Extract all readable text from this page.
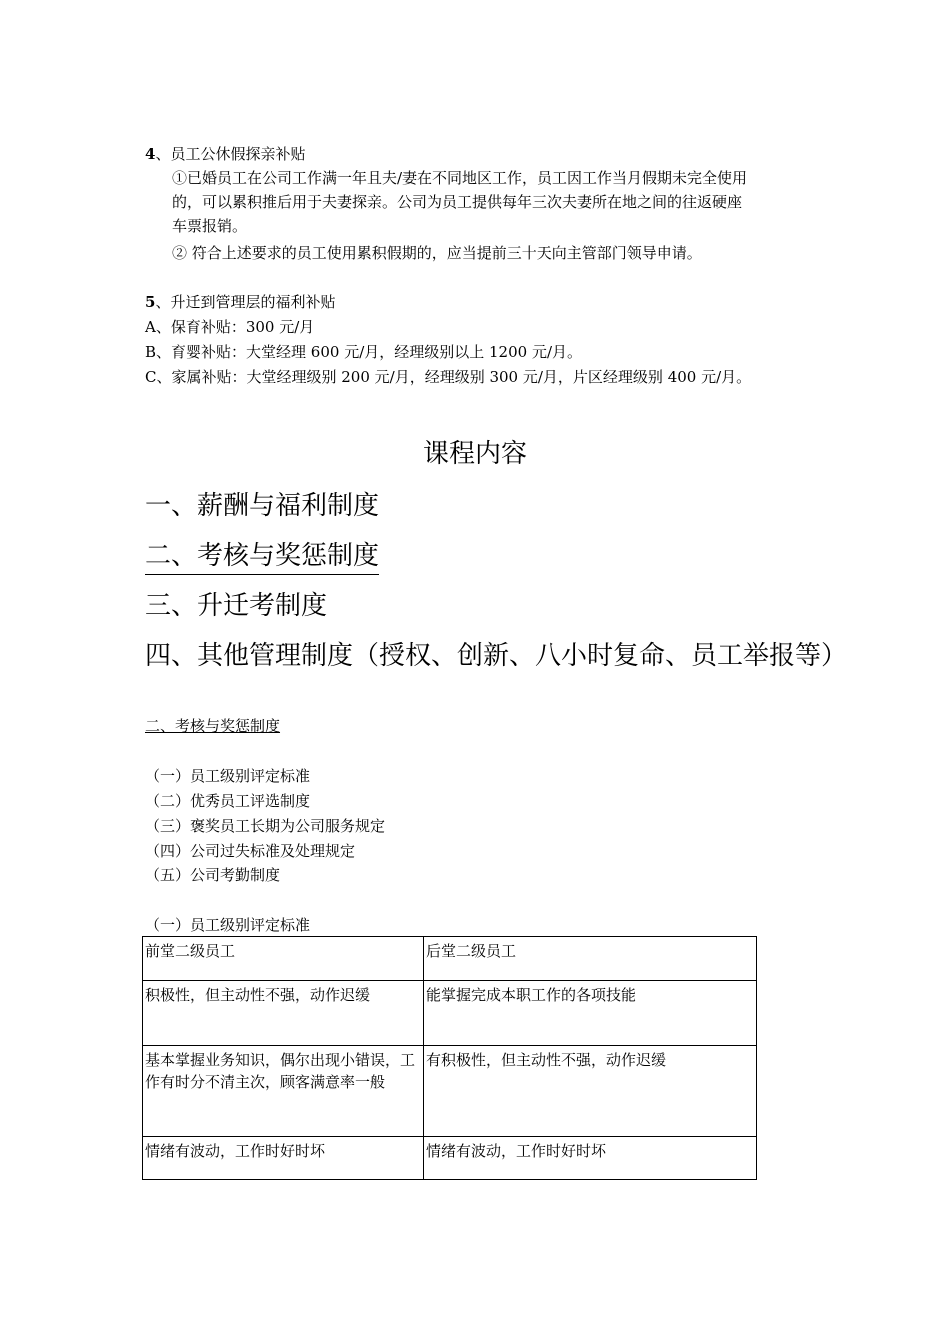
4、员工公休假探亲补贴
①已婚员工在公司工作满一年且夫/妻在不同地区工作，员工因工作当月假期未完全使用
的，可以累积推后用于夫妻探亲。公司为员工提供每年三次夫妻所在地之间的往返硬座
车票报销。
② 符合上述要求的员工使用累积假期的，应当提前三十天向主管部门领导申请。
5、升迁到管理层的福利补贴
A、保育补贴：300 元/月
B、育婴补贴：大堂经理 600 元/月，经理级别以上 1200 元/月。
C、家属补贴：大堂经理级别 200 元/月，经理级别 300 元/月，片区经理级别 400 元/月。
课程内容
一、薪酬与福利制度
二、考核与奖惩制度
三、升迁考制度
四、其他管理制度（授权、创新、八小时复命、员工举报等）
二、考核与奖惩制度
（一）员工级别评定标准
（二）优秀员工评选制度
（三）褒奖员工长期为公司服务规定
（四）公司过失标准及处理规定
（五）公司考勤制度
（一）员工级别评定标准
前堂二级员工	后堂二级员工
积极性，但主动性不强，动作迟缓	能掌握完成本职工作的各项技能
基本掌握业务知识，偶尔出现小错误，工作有时分不清主次，顾客满意率一般	有积极性，但主动性不强，动作迟缓
情绪有波动，工作时好时坏	情绪有波动，工作时好时坏
